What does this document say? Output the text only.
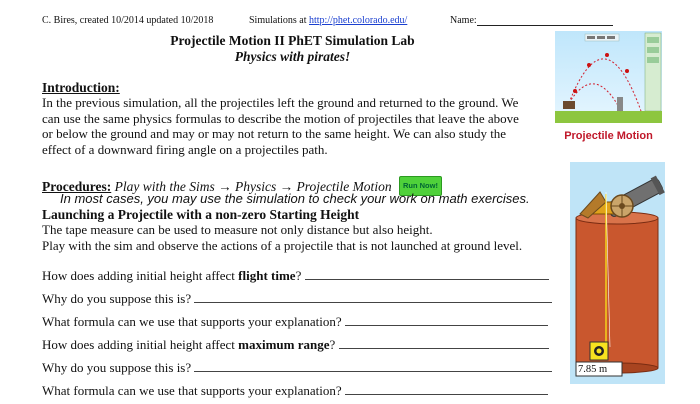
C. Bires, created 10/2014 updated 10/2018	Simulations at http://phet.colorado.edu/	Name:
Projectile Motion II PhET Simulation Lab
Physics with pirates!
Introduction:
In the previous simulation, all the projectiles left the ground and returned to the ground. We
can use the same physics formulas to describe the motion of projectiles that leave the above
or below the ground and may or may not return to the same height. We can also study the
effect of a downward firing angle on a projectiles path.
Procedures: Play with the Sims → Physics → Projectile Motion Run Now!
In most cases, you may use the simulation to check your work on math exercises.
Launching a Projectile with a non-zero Starting Height
The tape measure can be used to measure not only distance but also height.
Play with the sim and observe the actions of a projectile that is not launched at ground level.
How does adding initial height affect flight time?
Why do you suppose this is?
What formula can we use that supports your explanation?
How does adding initial height affect maximum range?
Why do you suppose this is?
What formula can we use that supports your explanation?
Projectile Motion
7.85 m
